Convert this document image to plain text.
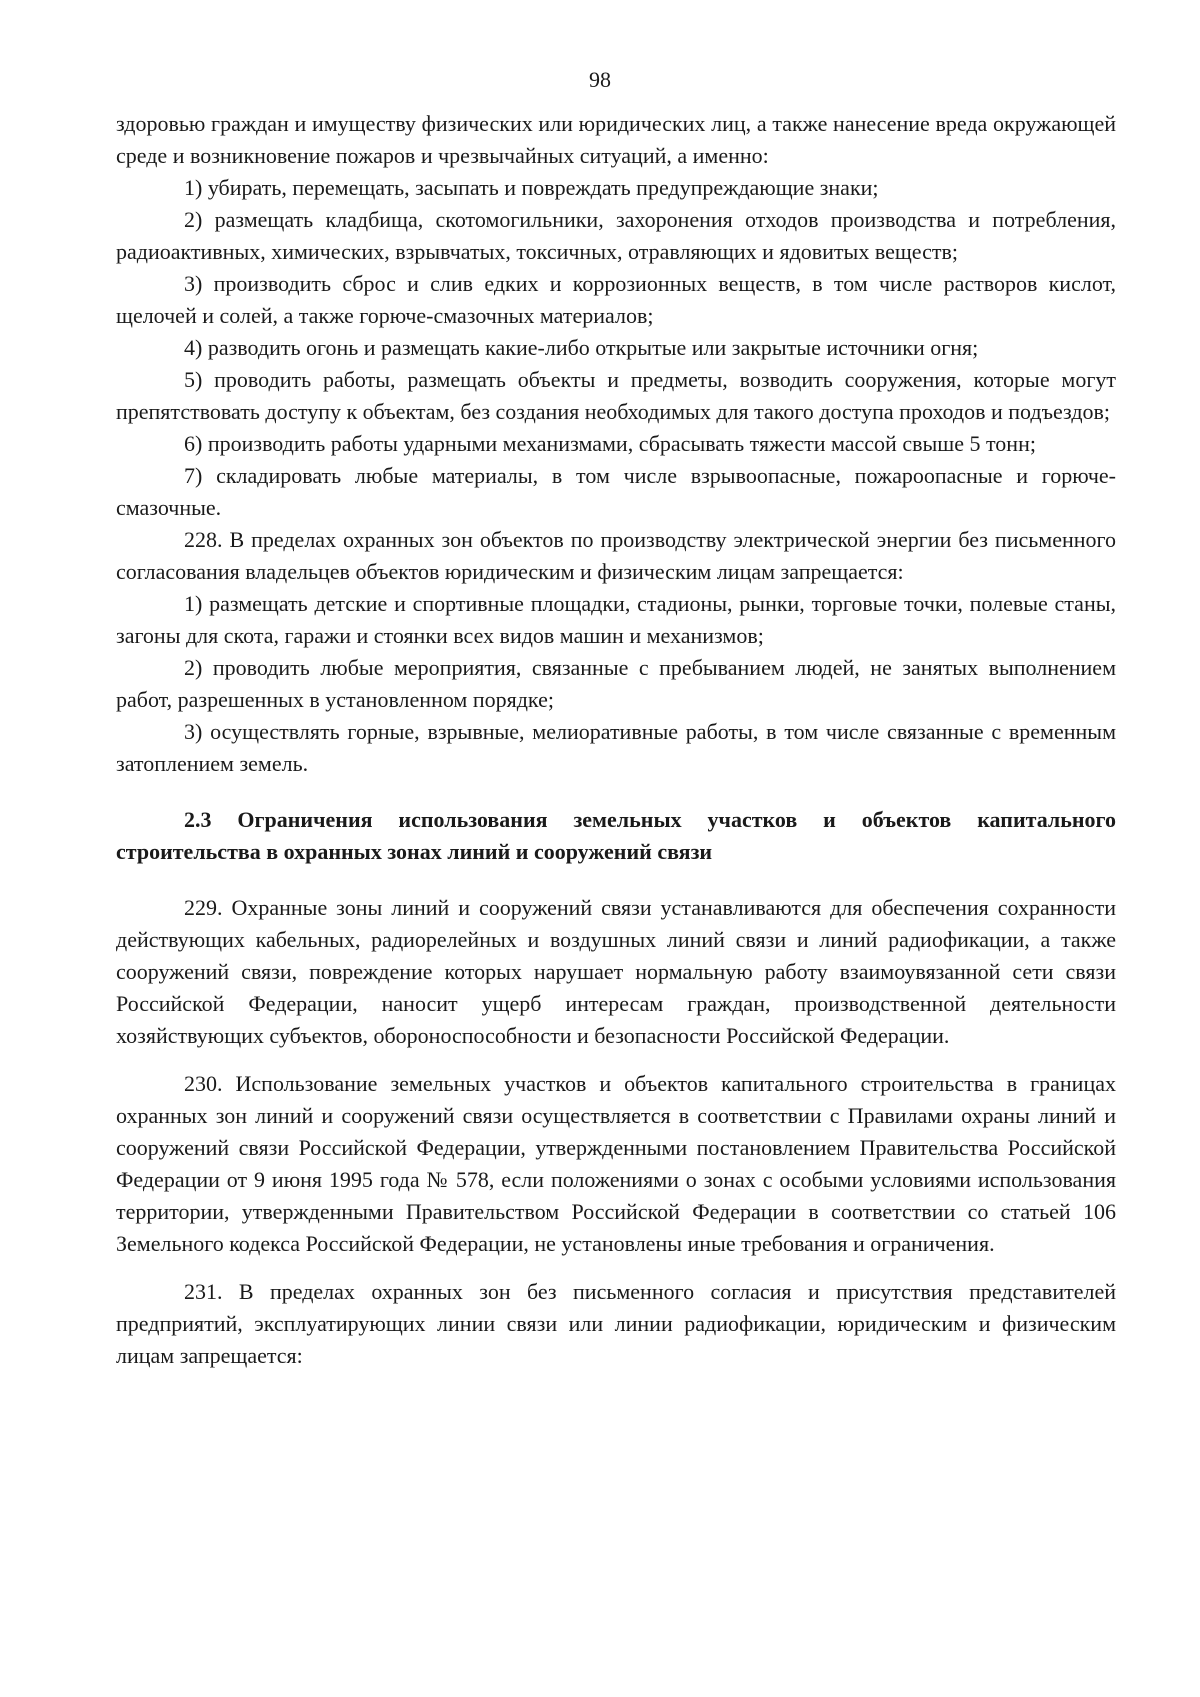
98

здоровью граждан и имуществу физических или юридических лиц, а также нанесение вреда окружающей среде и возникновение пожаров и чрезвычайных ситуаций, а именно:

1) убирать, перемещать, засыпать и повреждать предупреждающие знаки;

2) размещать кладбища, скотомогильники, захоронения отходов производства и потребления, радиоактивных, химических, взрывчатых, токсичных, отравляющих и ядовитых веществ;

3) производить сброс и слив едких и коррозионных веществ, в том числе растворов кислот, щелочей и солей, а также горюче-смазочных материалов;

4) разводить огонь и размещать какие-либо открытые или закрытые источники огня;

5) проводить работы, размещать объекты и предметы, возводить сооружения, которые могут препятствовать доступу к объектам, без создания необходимых для такого доступа проходов и подъездов;

6) производить работы ударными механизмами, сбрасывать тяжести массой свыше 5 тонн;

7) складировать любые материалы, в том числе взрывоопасные, пожароопасные и горюче-смазочные.

228. В пределах охранных зон объектов по производству электрической энергии без письменного согласования владельцев объектов юридическим и физическим лицам запрещается:

1) размещать детские и спортивные площадки, стадионы, рынки, торговые точки, полевые станы, загоны для скота, гаражи и стоянки всех видов машин и механизмов;

2) проводить любые мероприятия, связанные с пребыванием людей, не занятых выполнением работ, разрешенных в установленном порядке;

3) осуществлять горные, взрывные, мелиоративные работы, в том числе связанные с временным затоплением земель.

2.3 Ограничения использования земельных участков и объектов капитального строительства в охранных зонах линий и сооружений связи

229. Охранные зоны линий и сооружений связи устанавливаются для обеспечения сохранности действующих кабельных, радиорелейных и воздушных линий связи и линий радиофикации, а также сооружений связи, повреждение которых нарушает нормальную работу взаимоувязанной сети связи Российской Федерации, наносит ущерб интересам граждан, производственной деятельности хозяйствующих субъектов, обороноспособности и безопасности Российской Федерации.

230. Использование земельных участков и объектов капитального строительства в границах охранных зон линий и сооружений связи осуществляется в соответствии с Правилами охраны линий и сооружений связи Российской Федерации, утвержденными постановлением Правительства Российской Федерации от 9 июня 1995 года № 578, если положениями о зонах с особыми условиями использования территории, утвержденными Правительством Российской Федерации в соответствии со статьей 106 Земельного кодекса Российской Федерации, не установлены иные требования и ограничения.

231. В пределах охранных зон без письменного согласия и присутствия представителей предприятий, эксплуатирующих линии связи или линии радиофикации, юридическим и физическим лицам запрещается:
